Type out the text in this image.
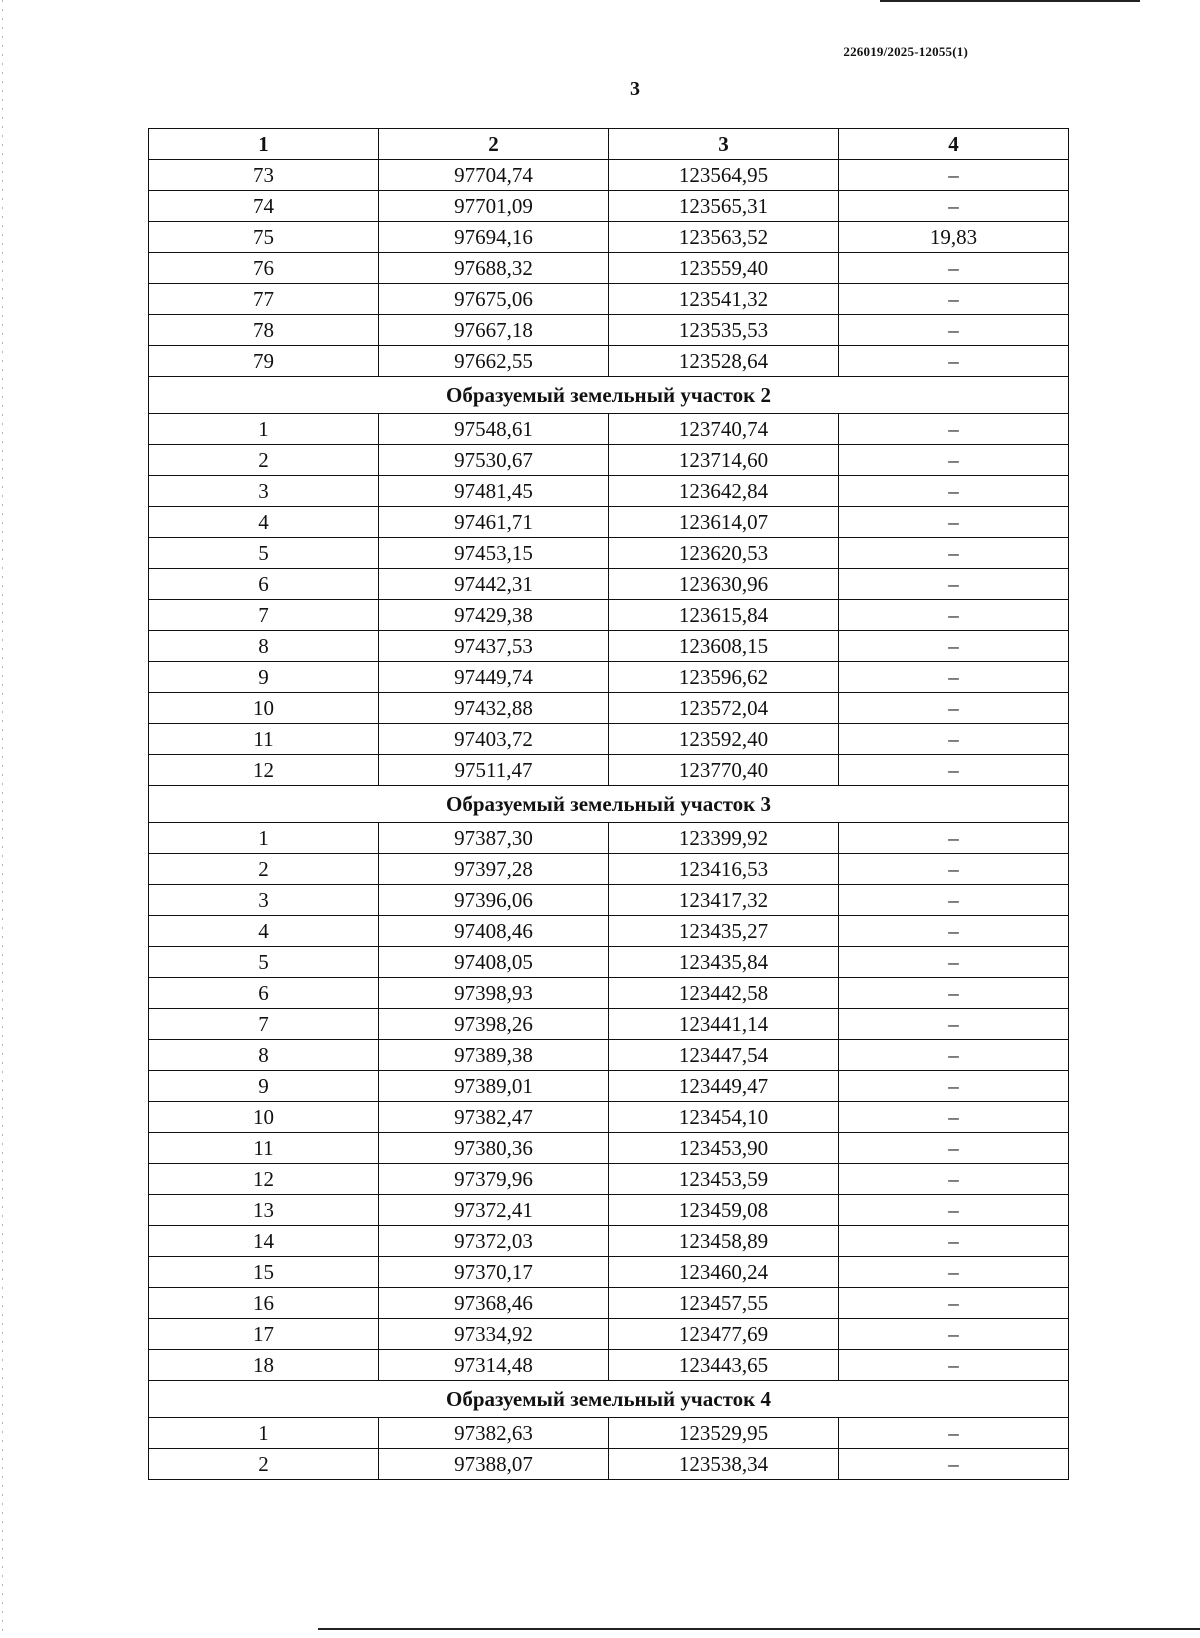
226019/2025-12055(1)
3
1	2	3	4
73	97704,74	123564,95	–
74	97701,09	123565,31	–
75	97694,16	123563,52	19,83
76	97688,32	123559,40	–
77	97675,06	123541,32	–
78	97667,18	123535,53	–
79	97662,55	123528,64	–
Образуемый земельный участок 2			
1	97548,61	123740,74	–
2	97530,67	123714,60	–
3	97481,45	123642,84	–
4	97461,71	123614,07	–
5	97453,15	123620,53	–
6	97442,31	123630,96	–
7	97429,38	123615,84	–
8	97437,53	123608,15	–
9	97449,74	123596,62	–
10	97432,88	123572,04	–
11	97403,72	123592,40	–
12	97511,47	123770,40	–
Образуемый земельный участок 3			
1	97387,30	123399,92	–
2	97397,28	123416,53	–
3	97396,06	123417,32	–
4	97408,46	123435,27	–
5	97408,05	123435,84	–
6	97398,93	123442,58	–
7	97398,26	123441,14	–
8	97389,38	123447,54	–
9	97389,01	123449,47	–
10	97382,47	123454,10	–
11	97380,36	123453,90	–
12	97379,96	123453,59	–
13	97372,41	123459,08	–
14	97372,03	123458,89	–
15	97370,17	123460,24	–
16	97368,46	123457,55	–
17	97334,92	123477,69	–
18	97314,48	123443,65	–
Образуемый земельный участок 4			
1	97382,63	123529,95	–
2	97388,07	123538,34	–
